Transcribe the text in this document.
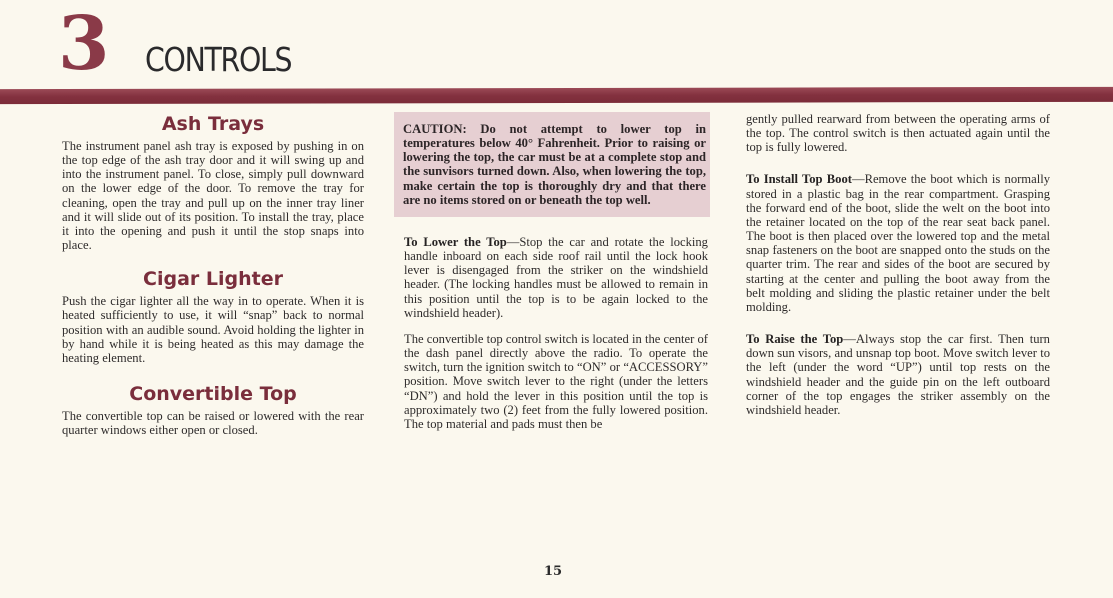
3 CONTROLS
Ash Trays

The instrument panel ash tray is exposed by pushing in on the top edge of the ash tray door and it will swing up and into the instrument panel. To close, simply pull downward on the lower edge of the door. To remove the tray for cleaning, open the tray and pull up on the inner tray liner and it will slide out of its position. To install the tray, place it into the opening and push it until the stop snaps into place.

Cigar Lighter

Push the cigar lighter all the way in to operate. When it is heated sufficiently to use, it will “snap” back to normal position with an audible sound. Avoid holding the lighter in by hand while it is being heated as this may damage the heating element.

Convertible Top

The convertible top can be raised or lowered with the rear quarter windows either open or closed.

CAUTION: Do not attempt to lower top in temperatures below 40° Fahrenheit. Prior to raising or lowering the top, the car must be at a complete stop and the sunvisors turned down. Also, when lowering the top, make certain the top is thoroughly dry and that there are no items stored on or beneath the top well.

To Lower the Top—Stop the car and rotate the locking handle inboard on each side roof rail until the lock hook lever is disengaged from the striker on the windshield header. (The locking handles must be allowed to remain in this position until the top is to be again locked to the windshield header).

The convertible top control switch is located in the center of the dash panel directly above the radio. To operate the switch, turn the ignition switch to “ON” or “ACCESSORY” position. Move switch lever to the right (under the letters “DN”) and hold the lever in this position until the top is approximately two (2) feet from the fully lowered position. The top material and pads must then be

gently pulled rearward from between the operating arms of the top. The control switch is then actuated again until the top is fully lowered.

To Install Top Boot—Remove the boot which is normally stored in a plastic bag in the rear compartment. Grasping the forward end of the boot, slide the welt on the boot into the retainer located on the top of the rear seat back panel. The boot is then placed over the lowered top and the metal snap fasteners on the boot are snapped onto the studs on the quarter trim. The rear and sides of the boot are secured by starting at the center and pulling the boot away from the belt molding and sliding the plastic retainer under the belt molding.

To Raise the Top—Always stop the car first. Then turn down sun visors, and unsnap top boot. Move switch lever to the left (under the word “UP”) until top rests on the windshield header and the guide pin on the left outboard corner of the top engages the striker assembly on the windshield header.

15
